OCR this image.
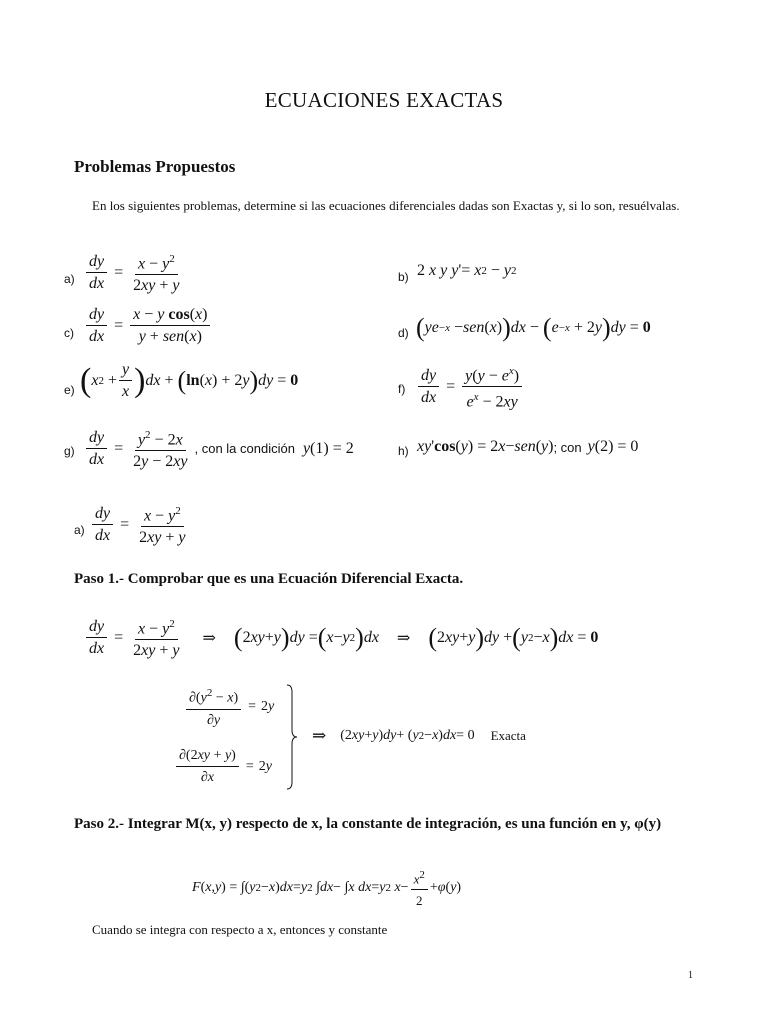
ECUACIONES EXACTAS
Problemas Propuestos
En los siguientes problemas, determine si las ecuaciones diferenciales dadas son Exactas y, si lo son, resuélvalas.
$a) \frac{dy}{dx} = \frac{x - y^2}{2xy + y}$	b) 2 x y y '= x 2 − y 2
$c) \frac{dy}{dx} = \frac{\text{x − y cos(x)}}{\text{y + sen(x)}}$	d) ( ye −x − sen ( x ) ) dx − ( e −x + 2 y ) dy = 0
e) ( x $2 + \frac{y}{x}$ ) dx + ( ln ( x ) + 2 y ) dy = 0
$f) \frac{dy}{dx} = \frac{y(y - e^x)}{e^x - 2xy}$
$g) \frac{dy}{dx} = \frac{y^2 - 2x}{2y - 2xy}$ , con la condición y(1) = 2	h) xy ' cos ( y ) = 2 x − sen ( y ) ; con y(2) = 0
$a) \frac{dy}{dx} = \frac{x - y^2}{2xy + y}$
Paso 1.- Comprobar que es una Ecuación Diferencial Exacta.
$\frac{dy}{dx} = \frac{x - y^2}{2xy + y}$ ⇒ ( 2 xy + y ) dy = ( x − y 2 ) dx ⇒ ( 2 xy + y ) dy + ( y 2 − x ) dx = 0
$\frac{\partial(y^2 - x)}{\partial y} = 2$ y
$\frac{\partial(2xy + y)}{\partial x} = 2$ y
⇒ (2 xy + y ) dy + ( y 2 − x ) dx = 0 Exacta
Paso 2.- Integrar M(x, y) respecto de x, la constante de integración, es una función en y, φ(y)
F ( x , y ) = ∫( y 2 − x ) dx = y 2 ∫ dx − ∫ x
dx = y 2
$x - \frac{x^2}{2} + \varphi$ ( y )
Cuando se integra con respecto a x, entonces y constante
1
